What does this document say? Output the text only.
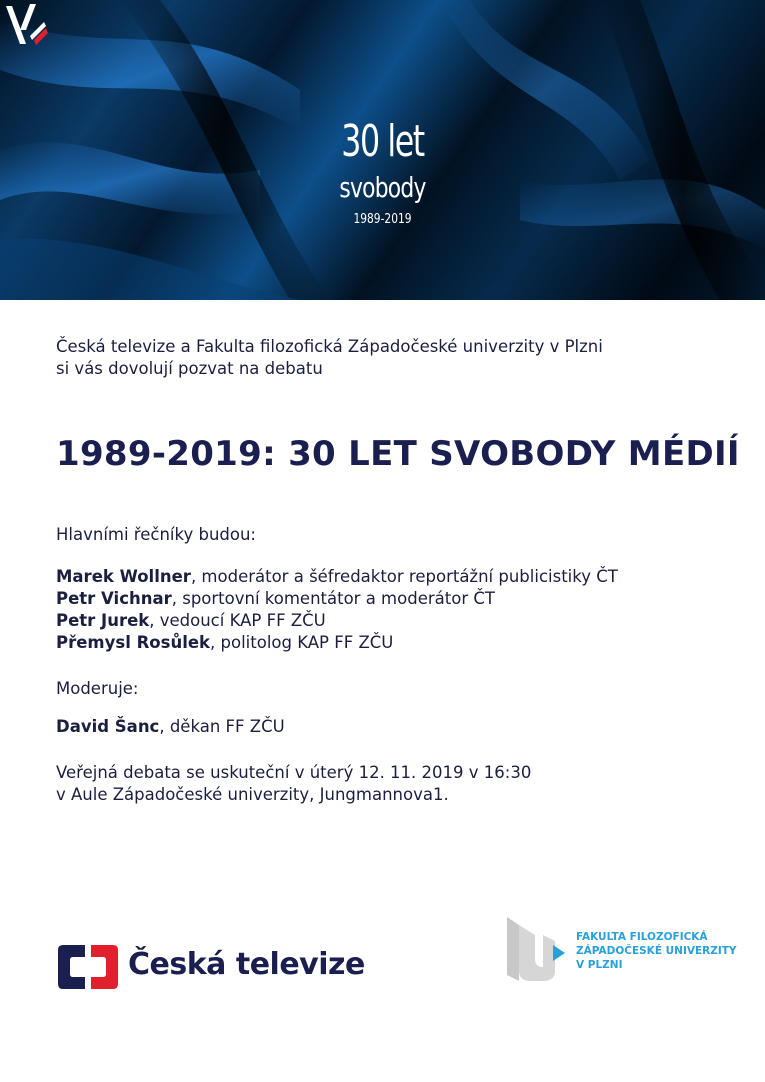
30 let
svobody
1989-2019

Česká televize a Fakulta filozofická Západočeské univerzity v Plzni

si vás dovolují pozvat na debatu

1989-2019: 30 LET SVOBODY MÉDIÍ

Hlavními řečníky budou:

Marek Wollner, moderátor a šéfredaktor reportážní publicistiky ČT

Petr Vichnar, sportovní komentátor a moderátor ČT

Petr Jurek, vedoucí KAP FF ZČU

Přemysl Rosůlek, politolog KAP FF ZČU

Moderuje:

David Šanc, děkan FF ZČU

Veřejná debata se uskuteční v úterý 12. 11. 2019 v 16:30

v Aule Západočeské univerzity, Jungmannova1.

Česká televize
FAKULTA FILOZOFICKÁ
ZÁPADOČESKÉ UNIVERZITY
V PLZNI
